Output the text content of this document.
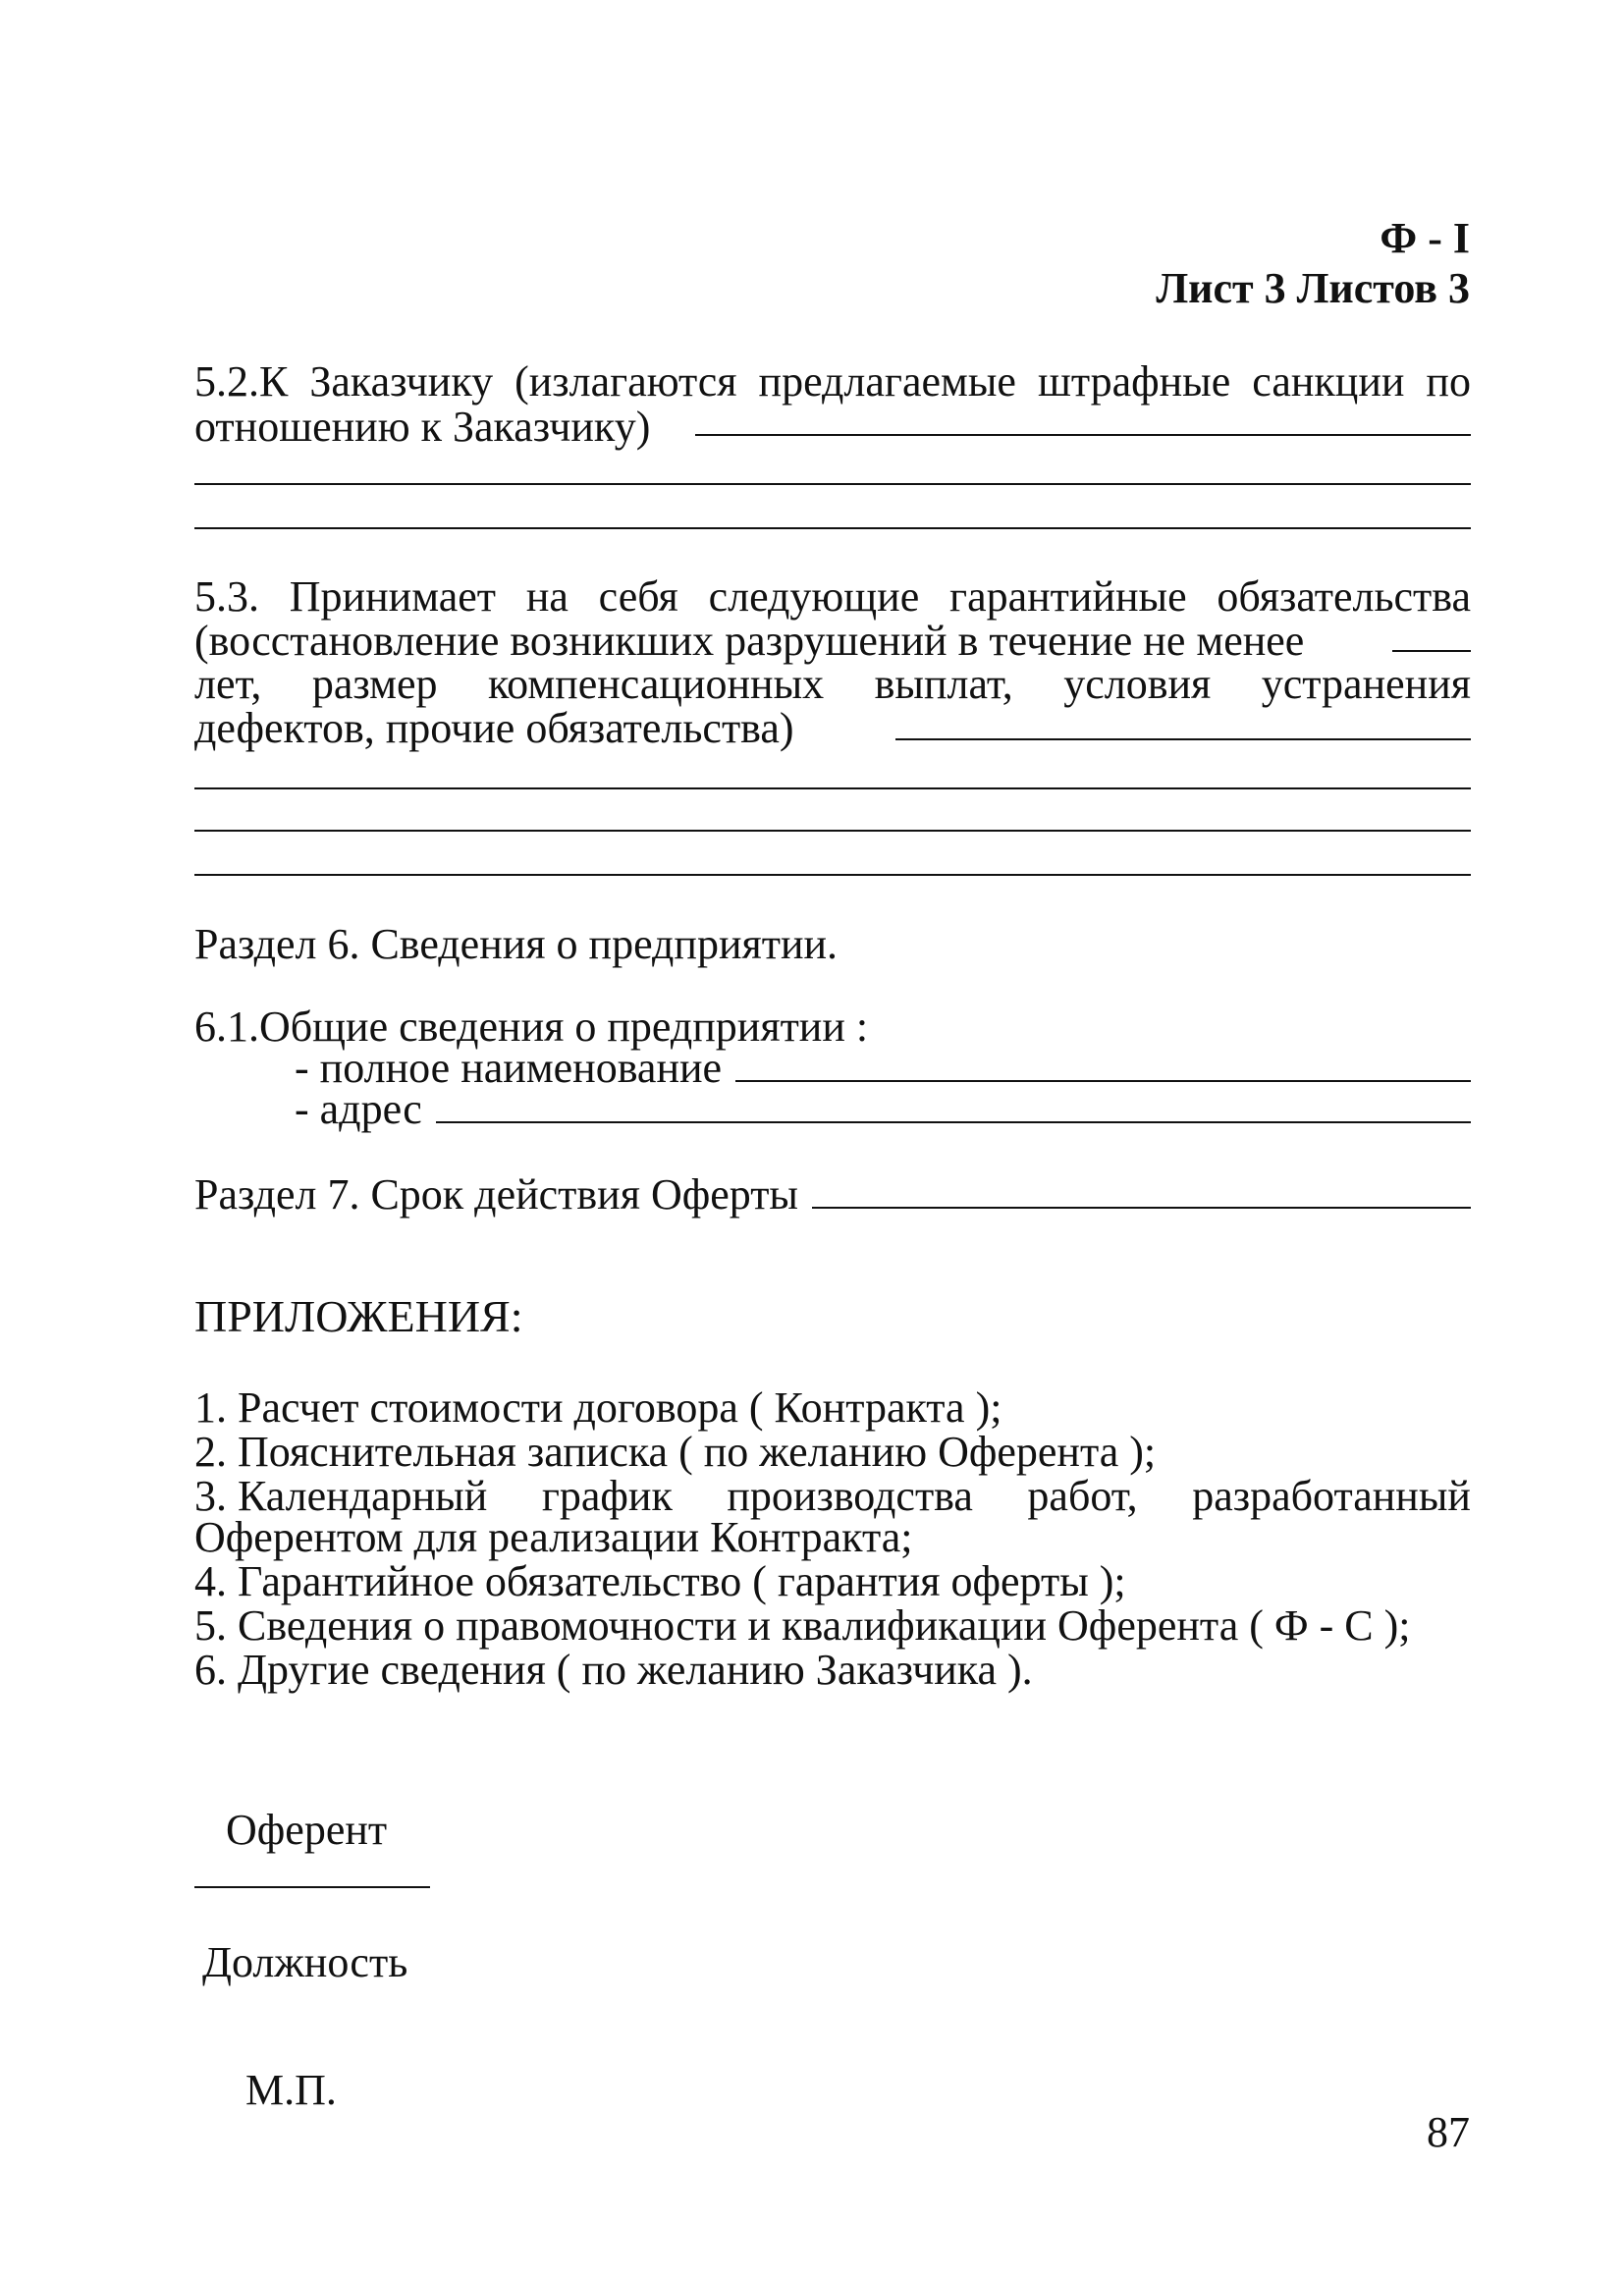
Ф - I
Лист 3 Листов 3
5.2.К Заказчику (излагаются предлагаемые штрафные санкции по
отношению к Заказчику)
5.3. Принимает на себя следующие гарантийные обязательства
(восстановление возникших разрушений в течение не менее
лет, размер компенсационных выплат, условия устранения
дефектов, прочие обязательства)
Раздел 6. Сведения о предприятии.
6.1.Общие сведения о предприятии :
- полное наименование
- адрес
Раздел 7. Срок действия Оферты
ПРИЛОЖЕНИЯ:
1. Расчет стоимости договора ( Контракта );
2. Пояснительная записка ( по желанию Оферента );
3. Календарный график производства работ, разработанный
Оферентом для реализации Контракта;
4. Гарантийное обязательство ( гарантия оферты );
5. Сведения о правомочности и квалификации Оферента ( Ф - С );
6. Другие сведения ( по желанию Заказчика ).
Оферент
Должность
М.П.
87
